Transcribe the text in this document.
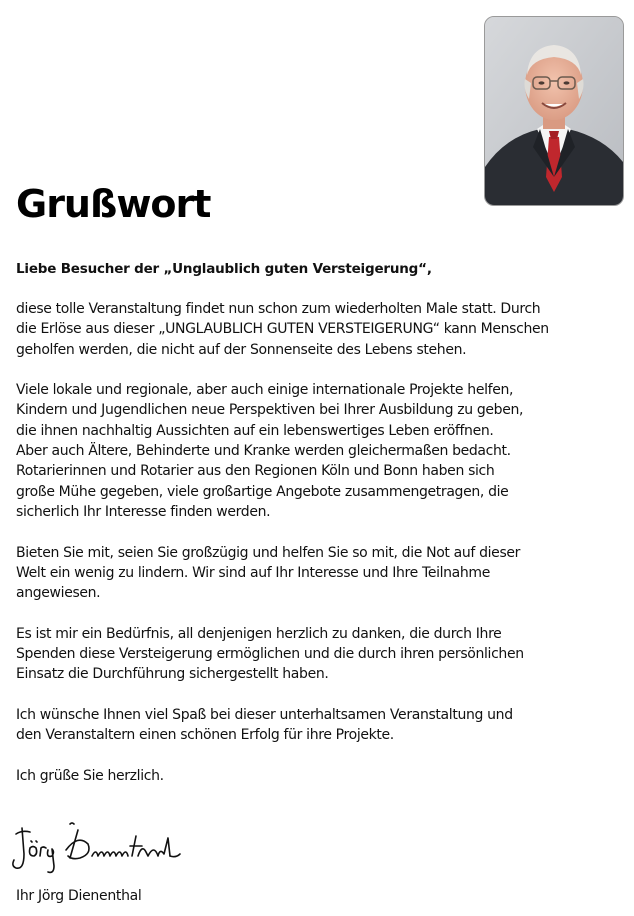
Grußwort

Liebe Besucher der „Unglaublich guten Versteigerung“,

diese tolle Veranstaltung findet nun schon zum wiederholten Male statt. Durch
die Erlöse aus dieser „UNGLAUBLICH GUTEN VERSTEIGERUNG“ kann Menschen
geholfen werden, die nicht auf der Sonnenseite des Lebens stehen.

Viele lokale und regionale, aber auch einige internationale Projekte helfen,
Kindern und Jugendlichen neue Perspektiven bei Ihrer Ausbildung zu geben,
die ihnen nachhaltig Aussichten auf ein lebenswertiges Leben eröffnen.
Aber auch Ältere, Behinderte und Kranke werden gleichermaßen bedacht.
Rotarierinnen und Rotarier aus den Regionen Köln und Bonn haben sich
große Mühe gegeben, viele großartige Angebote zusammengetragen, die
sicherlich Ihr Interesse finden werden.

Bieten Sie mit, seien Sie großzügig und helfen Sie so mit, die Not auf dieser
Welt ein wenig zu lindern. Wir sind auf Ihr Interesse und Ihre Teilnahme
angewiesen.

Es ist mir ein Bedürfnis, all denjenigen herzlich zu danken, die durch Ihre
Spenden diese Versteigerung ermöglichen und die durch ihren persönlichen
Einsatz die Durchführung sichergestellt haben.

Ich wünsche Ihnen viel Spaß bei dieser unterhaltsamen Veranstaltung und
den Veranstaltern einen schönen Erfolg für ihre Projekte.

Ich grüße Sie herzlich.

Ihr Jörg Dienenthal
